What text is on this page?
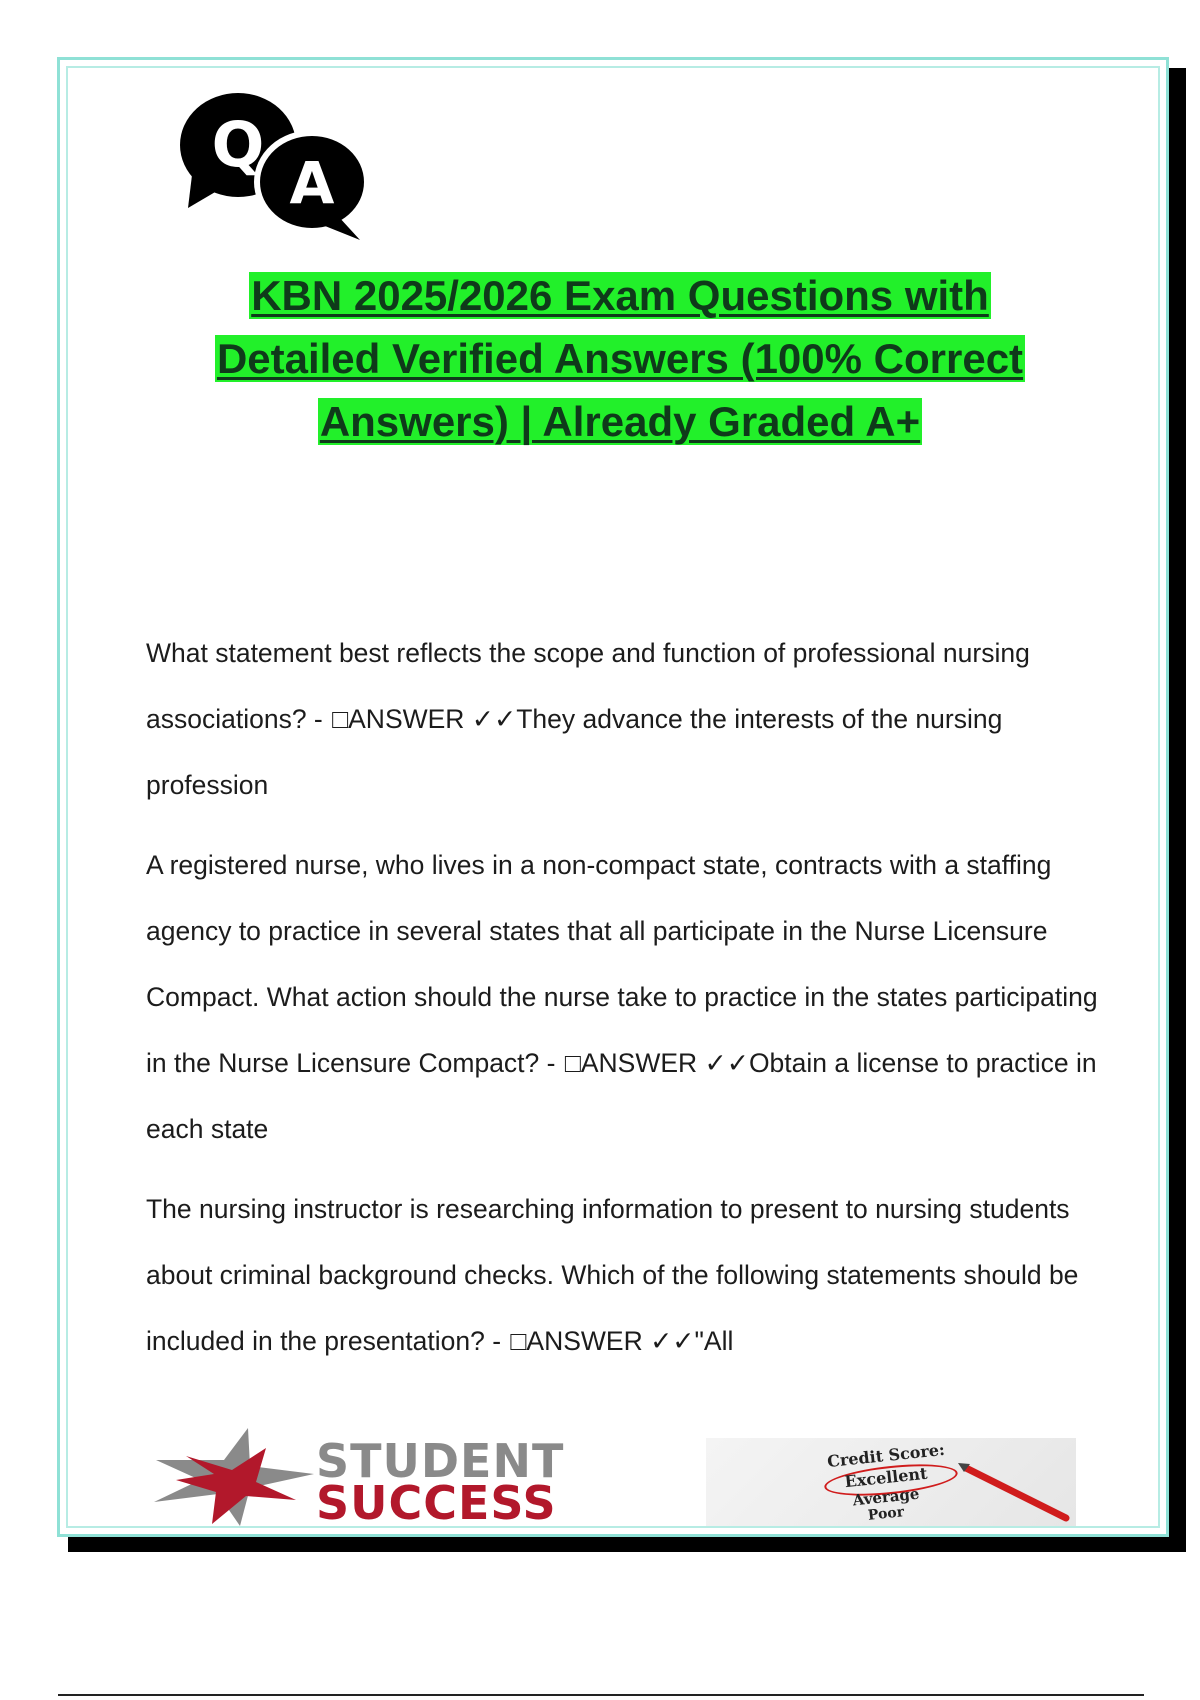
Q
A
KBN 2025/2026 Exam Questions with
Detailed Verified Answers (100% Correct
Answers) | Already Graded A+

What statement best reflects the scope and function of professional nursing associations? - □ANSWER ✓✓They advance the interests of the nursing profession

A registered nurse, who lives in a non-compact state, contracts with a staffing agency to practice in several states that all participate in the Nurse Licensure Compact. What action should the nurse take to practice in the states participating in the Nurse Licensure Compact? - □ANSWER ✓✓Obtain a license to practice in each state

The nursing instructor is researching information to present to nursing students about criminal background checks. Which of the following statements should be included in the presentation? - □ANSWER ✓✓"All

STUDENT
SUCCESS
Credit Score:
Excellent
Average
Poor
